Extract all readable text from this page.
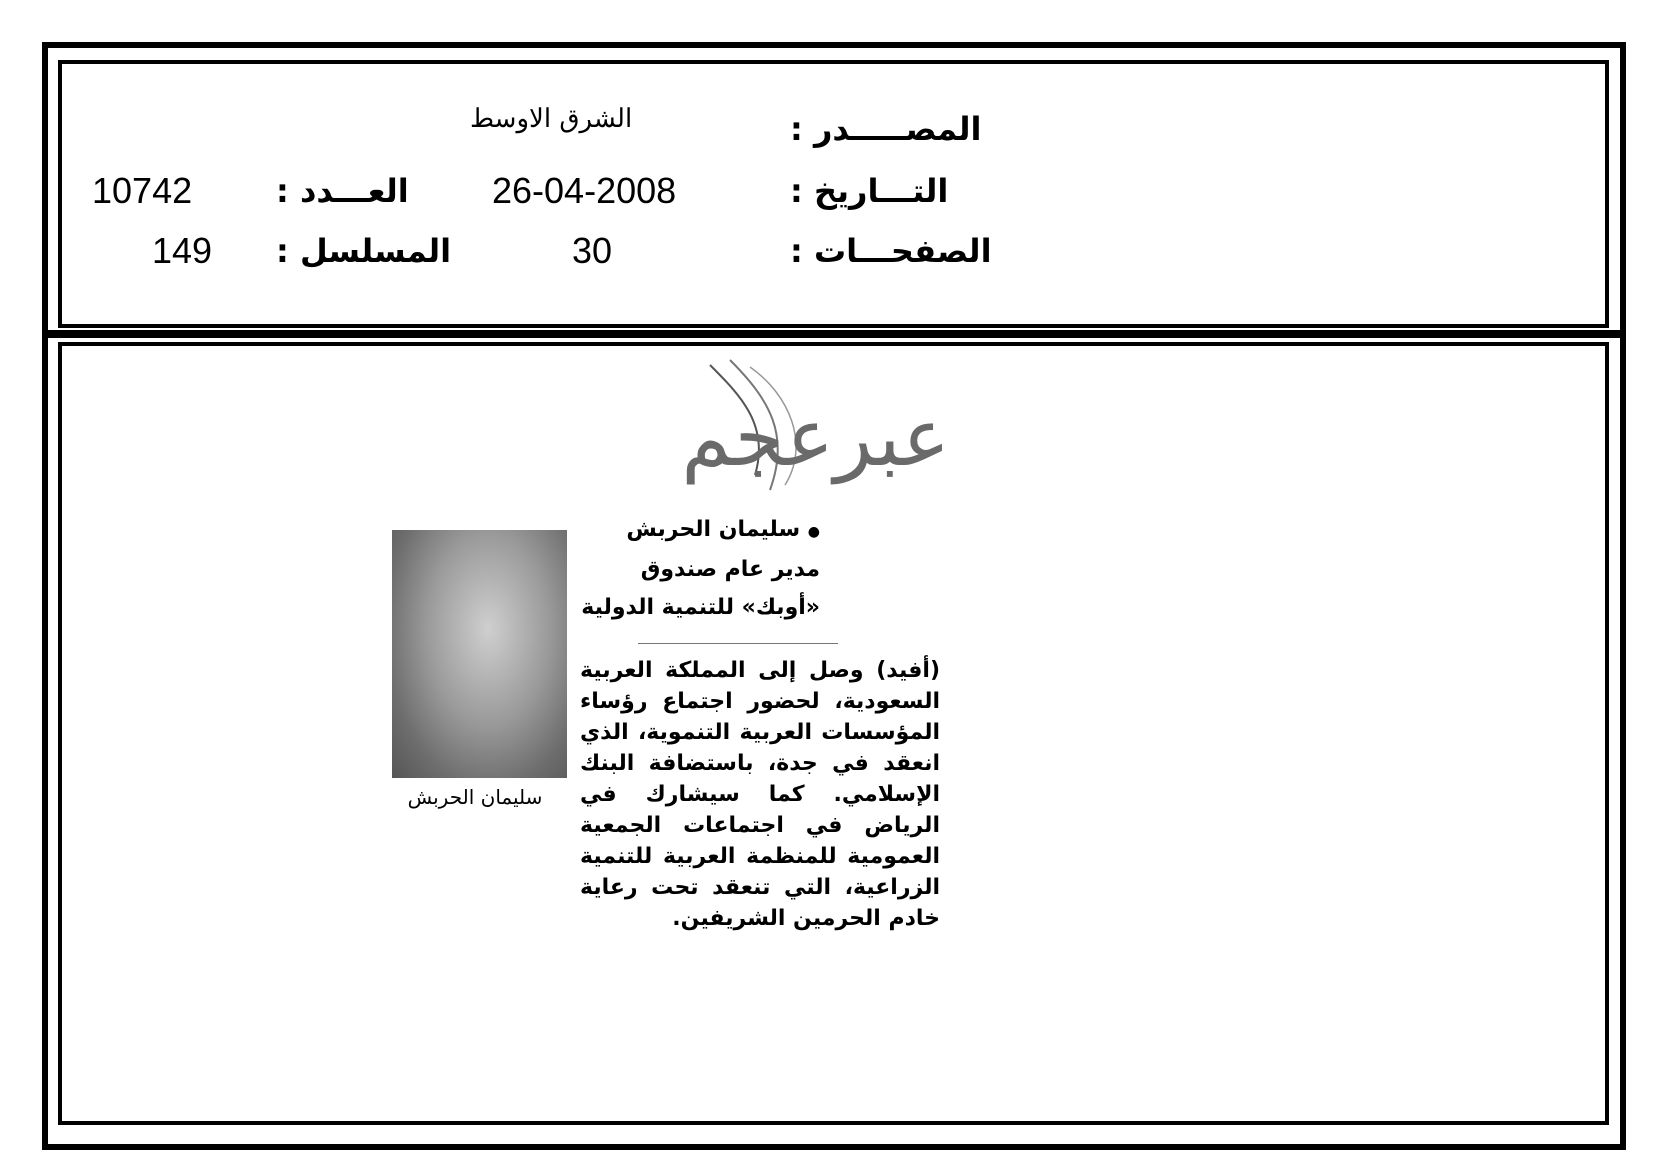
المصـــــدر :
الشرق الاوسط
التـــاريخ :
26-04-2008
العـــدد :
10742
الصفحـــات :
30
المسلسل :
149
عبرعجم
سليمان الحربش
● سليمان الحربش
مدير عام صندوق
«أوبك» للتنمية الدولية
(أفيد) وصل إلى المملكة العربية السعودية، لحضور اجتماع رؤساء المؤسسات العربية التنموية، الذي انعقد في جدة، باستضافة البنك الإسلامي. كما سيشارك في الرياض في اجتماعات الجمعية العمومية للمنظمة العربية للتنمية الزراعية، التي تنعقد تحت رعاية خادم الحرمين الشريفين.
